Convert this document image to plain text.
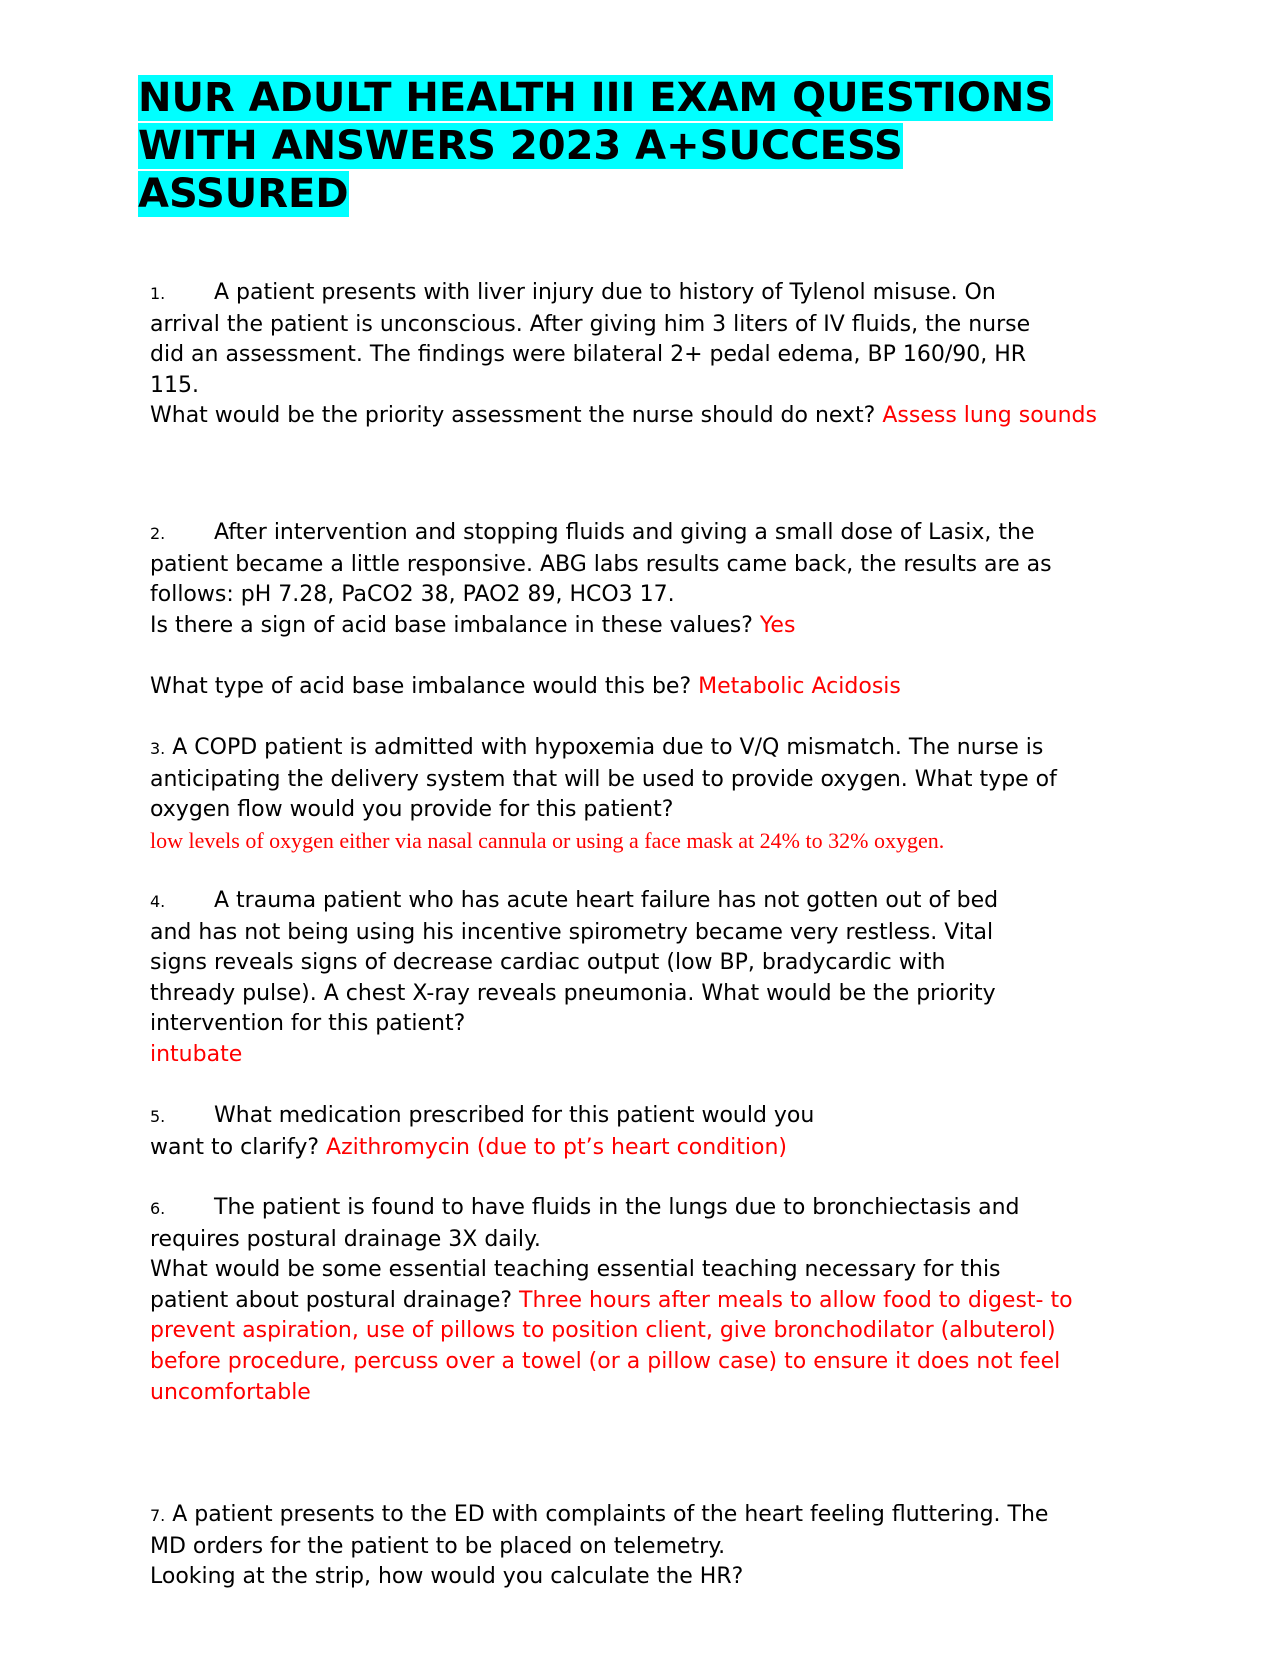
NUR ADULT HEALTH III EXAM QUESTIONS
WITH ANSWERS 2023 A+SUCCESS
ASSURED
1. A patient presents with liver injury due to history of Tylenol misuse. On
arrival the patient is unconscious. After giving him 3 liters of IV fluids, the nurse
did an assessment. The findings were bilateral 2+ pedal edema, BP 160/90, HR
115.
What would be the priority assessment the nurse should do next? Assess lung sounds
2. After intervention and stopping fluids and giving a small dose of Lasix, the
patient became a little responsive. ABG labs results came back, the results are as
follows: pH 7.28, PaCO2 38, PAO2 89, HCO3 17.
Is there a sign of acid base imbalance in these values? Yes

What type of acid base imbalance would this be? Metabolic Acidosis
3. A COPD patient is admitted with hypoxemia due to V/Q mismatch. The nurse is
anticipating the delivery system that will be used to provide oxygen. What type of
oxygen flow would you provide for this patient?
low levels of oxygen either via nasal cannula or using a face mask at 24% to 32% oxygen.
4. A trauma patient who has acute heart failure has not gotten out of bed
and has not being using his incentive spirometry became very restless. Vital
signs reveals signs of decrease cardiac output (low BP, bradycardic with
thready pulse). A chest X-ray reveals pneumonia. What would be the priority
intervention for this patient?
intubate
5. What medication prescribed for this patient would you
want to clarify? Azithromycin (due to pt’s heart condition)
6. The patient is found to have fluids in the lungs due to bronchiectasis and
requires postural drainage 3X daily.
What would be some essential teaching essential teaching necessary for this
patient about postural drainage? Three hours after meals to allow food to digest- to
prevent aspiration, use of pillows to position client, give bronchodilator (albuterol)
before procedure, percuss over a towel (or a pillow case) to ensure it does not feel
uncomfortable
7. A patient presents to the ED with complaints of the heart feeling fluttering. The
MD orders for the patient to be placed on telemetry.
Looking at the strip, how would you calculate the HR?
